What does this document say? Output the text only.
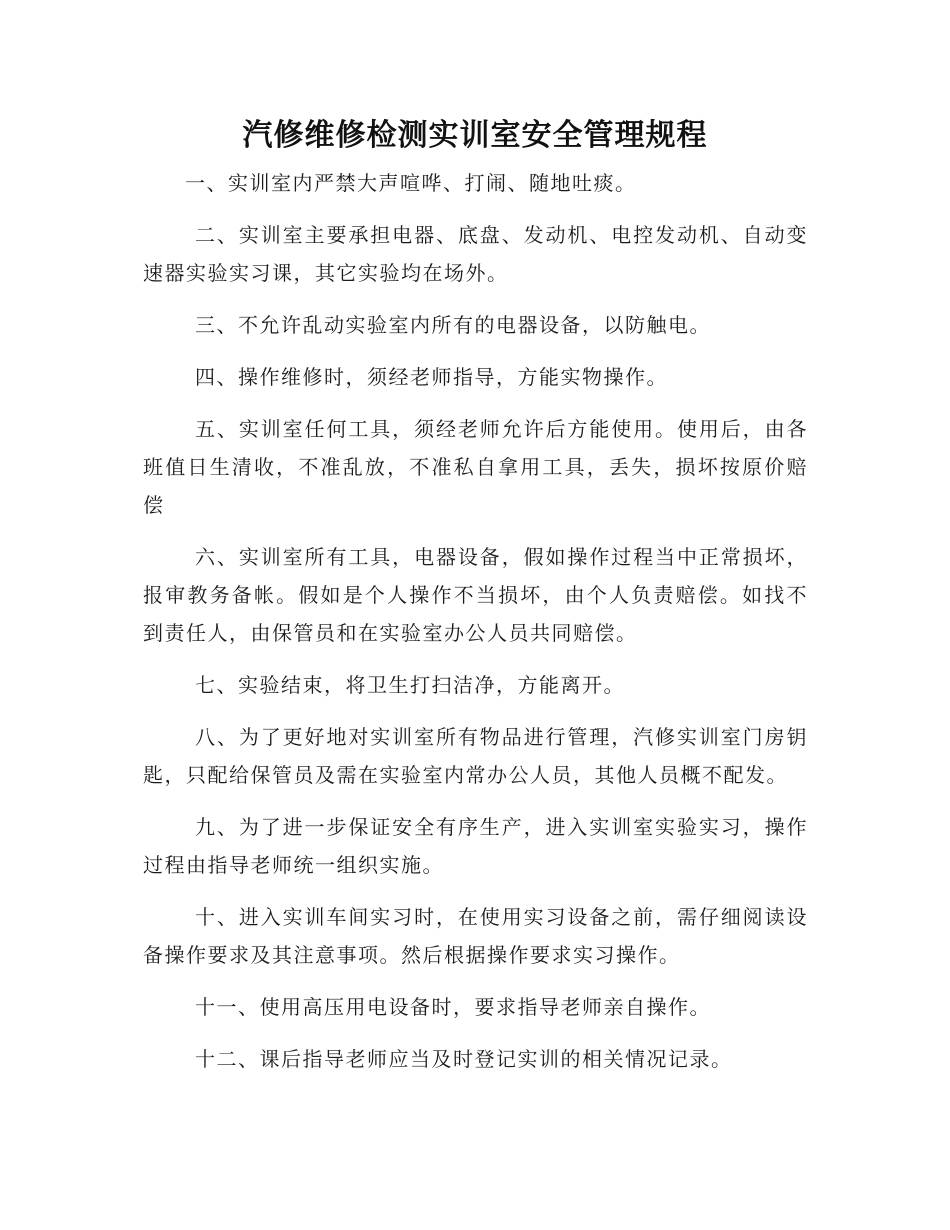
汽修维修检测实训室安全管理规程

一、实训室内严禁大声喧哗、打闹、随地吐痰。

二、实训室主要承担电器、底盘、发动机、电控发动机、自动变速器实验实习课，其它实验均在场外。

三、不允许乱动实验室内所有的电器设备，以防触电。

四、操作维修时，须经老师指导，方能实物操作。

五、实训室任何工具，须经老师允许后方能使用。使用后，由各班值日生清收，不准乱放，不准私自拿用工具，丢失，损坏按原价赔偿

六、实训室所有工具，电器设备，假如操作过程当中正常损坏，报审教务备帐。假如是个人操作不当损坏，由个人负责赔偿。如找不到责任人，由保管员和在实验室办公人员共同赔偿。

七、实验结束，将卫生打扫洁净，方能离开。

八、为了更好地对实训室所有物品进行管理，汽修实训室门房钥匙，只配给保管员及需在实验室内常办公人员，其他人员概不配发。

九、为了进一步保证安全有序生产，进入实训室实验实习，操作过程由指导老师统一组织实施。

十、进入实训车间实习时，在使用实习设备之前，需仔细阅读设备操作要求及其注意事项。然后根据操作要求实习操作。

十一、使用高压用电设备时，要求指导老师亲自操作。

十二、课后指导老师应当及时登记实训的相关情况记录。
